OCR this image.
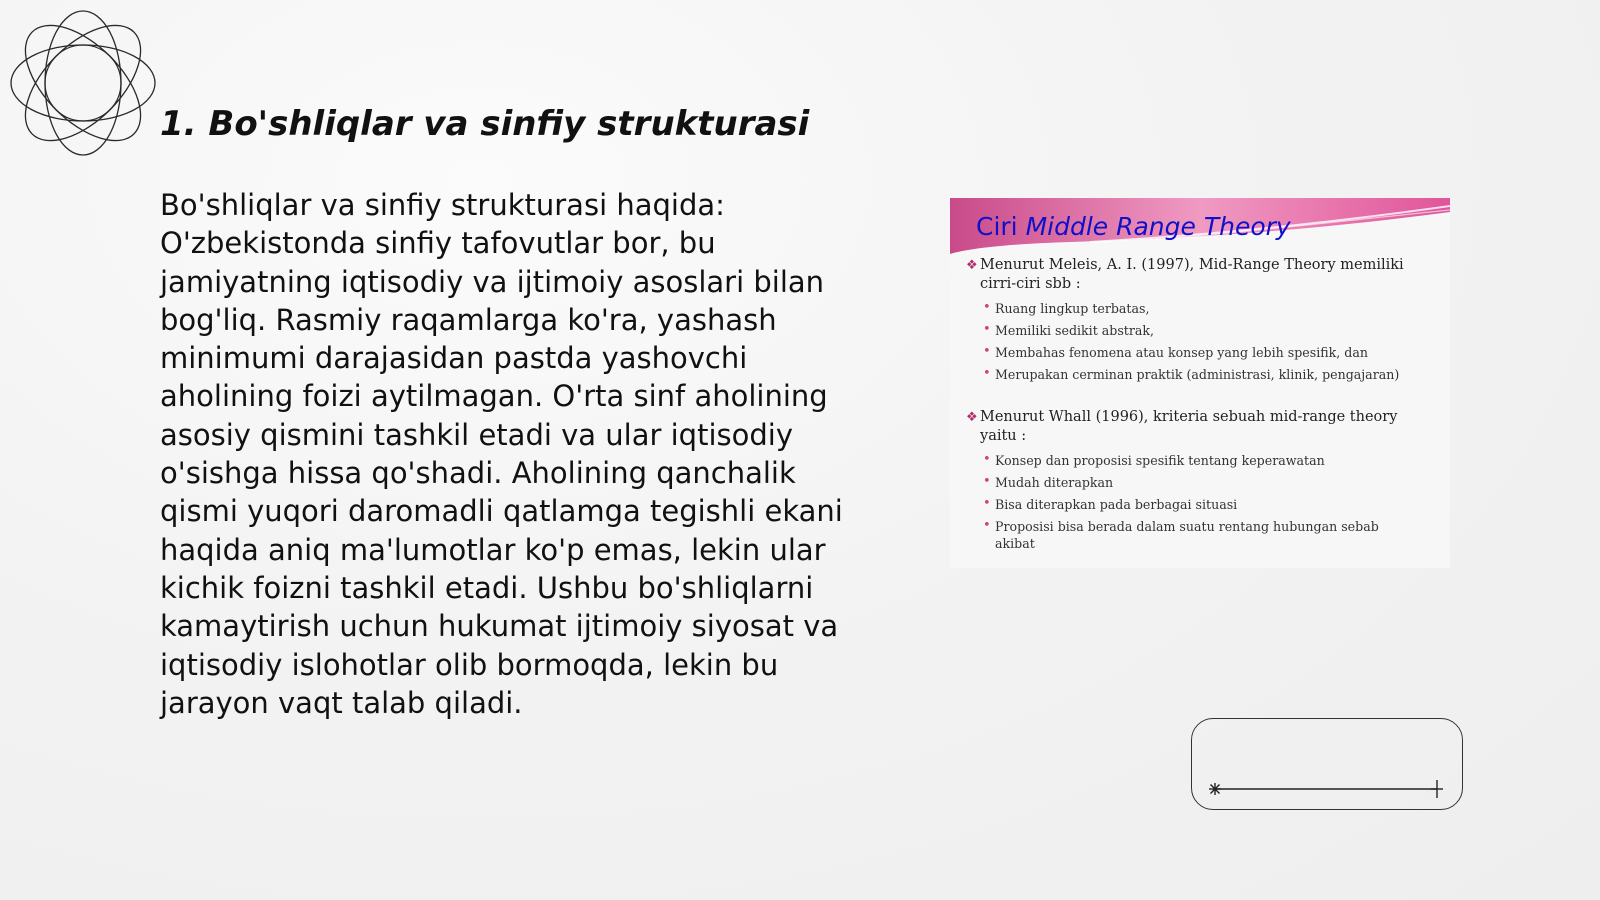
1. Bo'shliqlar va sinfiy strukturasi

Bo'shliqlar va sinfiy strukturasi haqida: O'zbekistonda sinfiy tafovutlar bor, bu jamiyatning iqtisodiy va ijtimoiy asoslari bilan bog'liq. Rasmiy raqamlarga ko'ra, yashash minimumi darajasidan pastda yashovchi aholining foizi aytilmagan. O'rta sinf aholining asosiy qismini tashkil etadi va ular iqtisodiy o'sishga hissa qo'shadi. Aholining qanchalik qismi yuqori daromadli qatlamga tegishli ekani haqida aniq ma'lumotlar ko'p emas, lekin ular kichik foizni tashkil etadi. Ushbu bo'shliqlarni kamaytirish uchun hukumat ijtimoiy siyosat va iqtisodiy islohotlar olib bormoqda, lekin bu jarayon vaqt talab qiladi.

Ciri Middle Range Theory
❖ Menurut Meleis, A. I. (1997), Mid-Range Theory memiliki cirri-ciri sbb :
• Ruang lingkup terbatas,
• Memiliki sedikit abstrak,
• Membahas fenomena atau konsep yang lebih spesifik, dan
• Merupakan cerminan praktik (administrasi, klinik, pengajaran)
❖ Menurut Whall (1996), kriteria sebuah mid-range theory yaitu :
• Konsep dan proposisi spesifik tentang keperawatan
• Mudah diterapkan
• Bisa diterapkan pada berbagai situasi
• Proposisi bisa berada dalam suatu rentang hubungan sebab akibat
